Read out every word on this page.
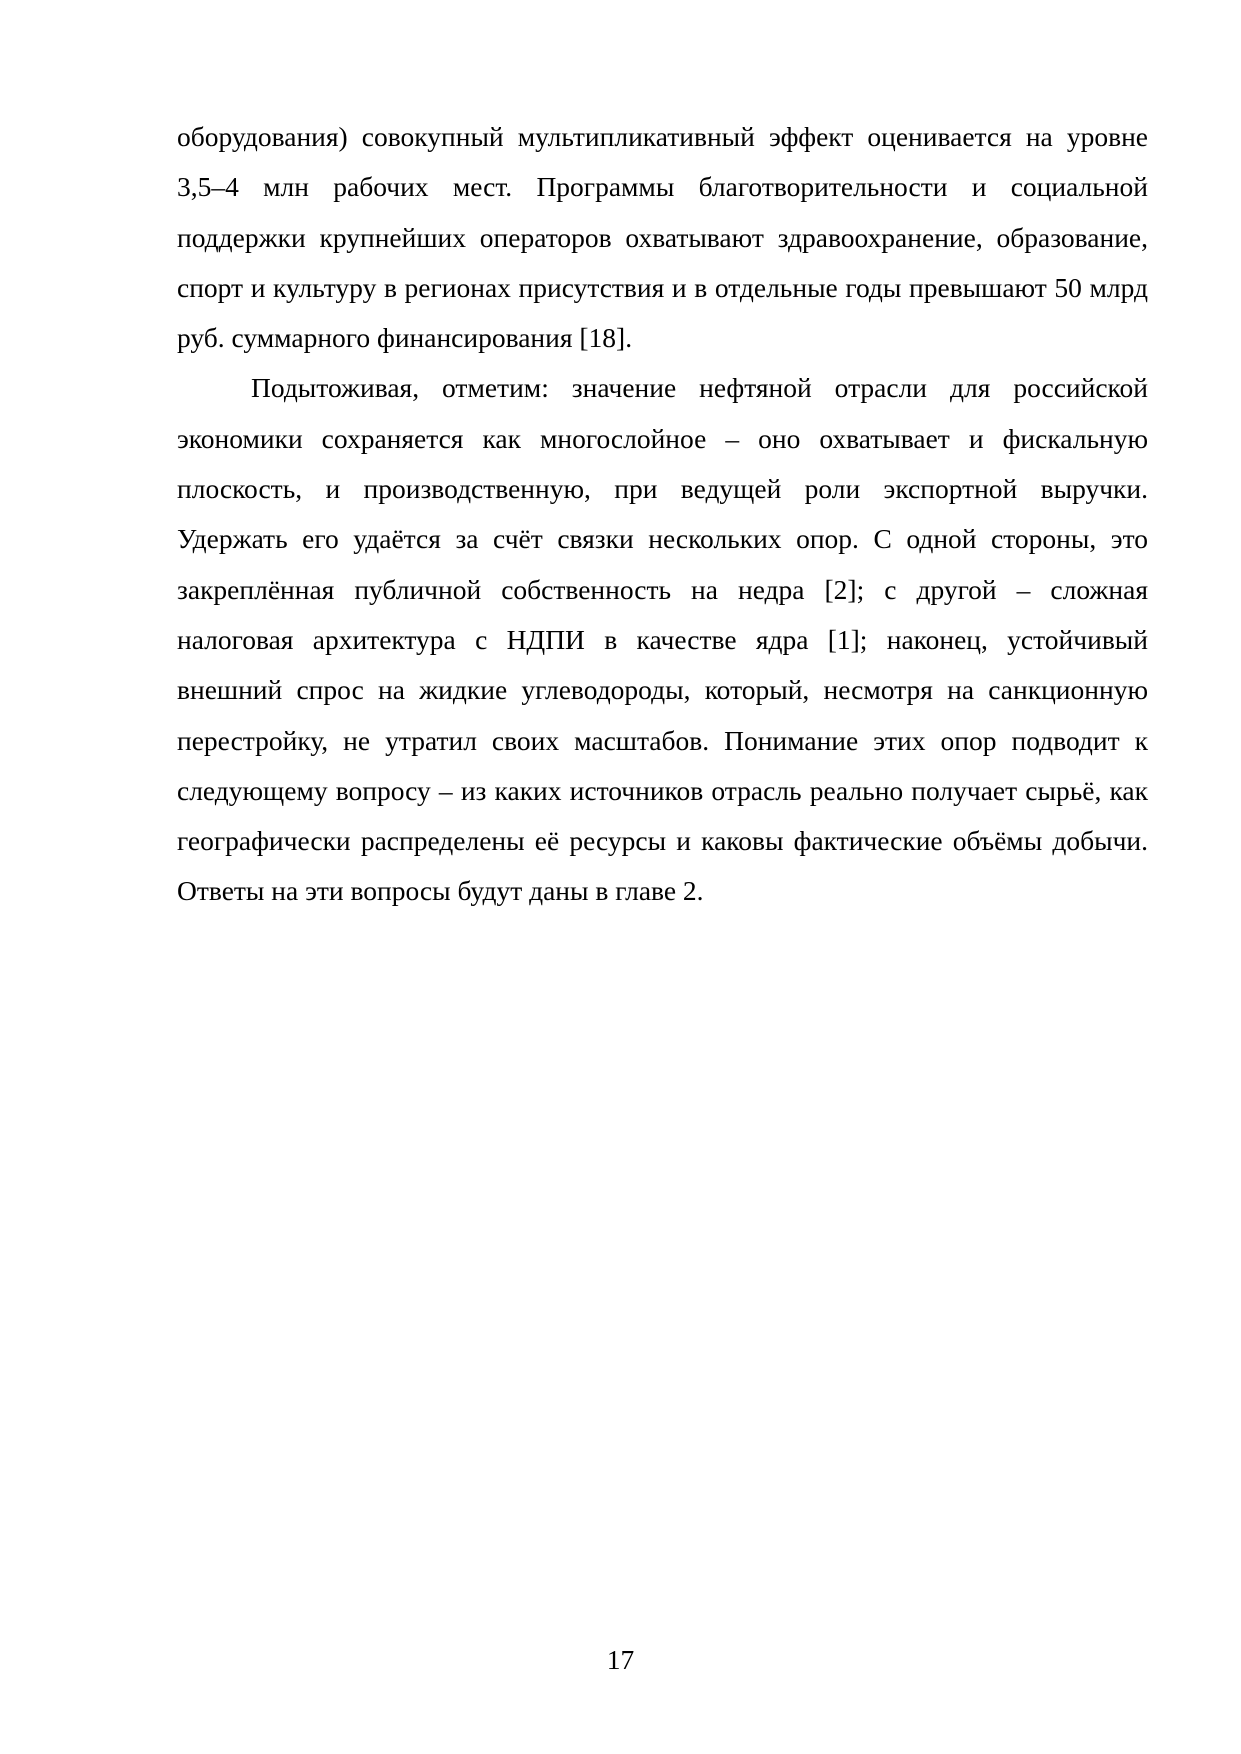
оборудования) совокупный мультипликативный эффект оценивается на уровне 3,5–4 млн рабочих мест. Программы благотворительности и социальной поддержки крупнейших операторов охватывают здравоохранение, образование, спорт и культуру в регионах присутствия и в отдельные годы превышают 50 млрд руб. суммарного финансирования [18].

Подытоживая, отметим: значение нефтяной отрасли для российской экономики сохраняется как многослойное – оно охватывает и фискальную плоскость, и производственную, при ведущей роли экспортной выручки. Удержать его удаётся за счёт связки нескольких опор. С одной стороны, это закреплённая публичной собственность на недра [2]; с другой – сложная налоговая архитектура с НДПИ в качестве ядра [1]; наконец, устойчивый внешний спрос на жидкие углеводороды, который, несмотря на санкционную перестройку, не утратил своих масштабов. Понимание этих опор подводит к следующему вопросу – из каких источников отрасль реально получает сырьё, как географически распределены её ресурсы и каковы фактические объёмы добычи. Ответы на эти вопросы будут даны в главе 2.

17
